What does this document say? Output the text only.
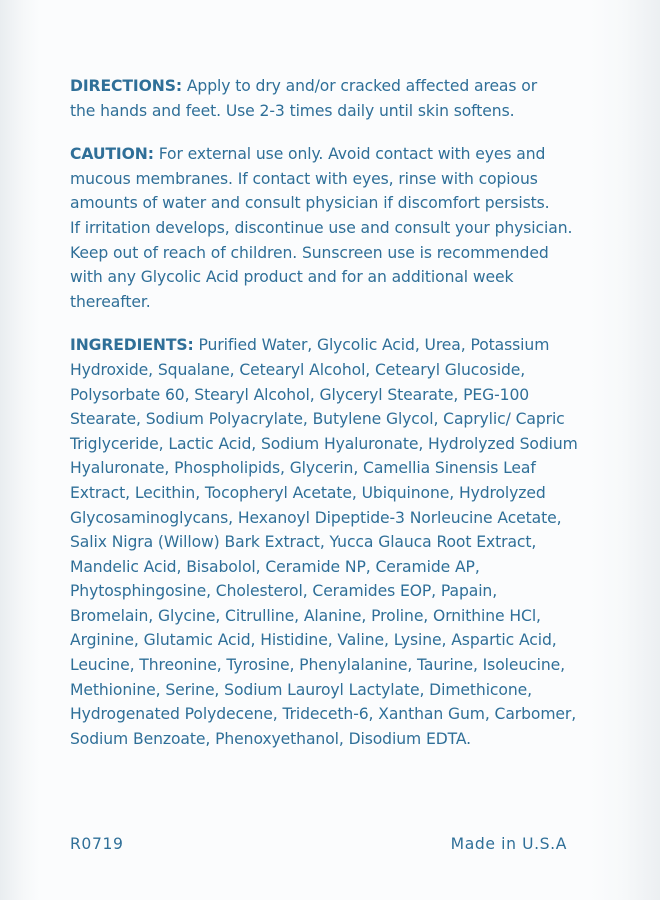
DIRECTIONS: Apply to dry and/or cracked affected areas or
the hands and feet. Use 2-3 times daily until skin softens.
CAUTION: For external use only. Avoid contact with eyes and
mucous membranes. If contact with eyes, rinse with copious
amounts of water and consult physician if discomfort persists.
If irritation develops, discontinue use and consult your physician.
Keep out of reach of children. Sunscreen use is recommended
with any Glycolic Acid product and for an additional week
thereafter.
INGREDIENTS: Purified Water, Glycolic Acid, Urea, Potassium
Hydroxide, Squalane, Cetearyl Alcohol, Cetearyl Glucoside,
Polysorbate 60, Stearyl Alcohol, Glyceryl Stearate, PEG-100
Stearate, Sodium Polyacrylate, Butylene Glycol, Caprylic/ Capric
Triglyceride, Lactic Acid, Sodium Hyaluronate, Hydrolyzed Sodium
Hyaluronate, Phospholipids, Glycerin, Camellia Sinensis Leaf
Extract, Lecithin, Tocopheryl Acetate, Ubiquinone, Hydrolyzed
Glycosaminoglycans, Hexanoyl Dipeptide-3 Norleucine Acetate,
Salix Nigra (Willow) Bark Extract, Yucca Glauca Root Extract,
Mandelic Acid, Bisabolol, Ceramide NP, Ceramide AP,
Phytosphingosine, Cholesterol, Ceramides EOP, Papain,
Bromelain, Glycine, Citrulline, Alanine, Proline, Ornithine HCl,
Arginine, Glutamic Acid, Histidine, Valine, Lysine, Aspartic Acid,
Leucine, Threonine, Tyrosine, Phenylalanine, Taurine, Isoleucine,
Methionine, Serine, Sodium Lauroyl Lactylate, Dimethicone,
Hydrogenated Polydecene, Trideceth-6, Xanthan Gum, Carbomer,
Sodium Benzoate, Phenoxyethanol, Disodium EDTA.
R0719	Made in U.S.A
